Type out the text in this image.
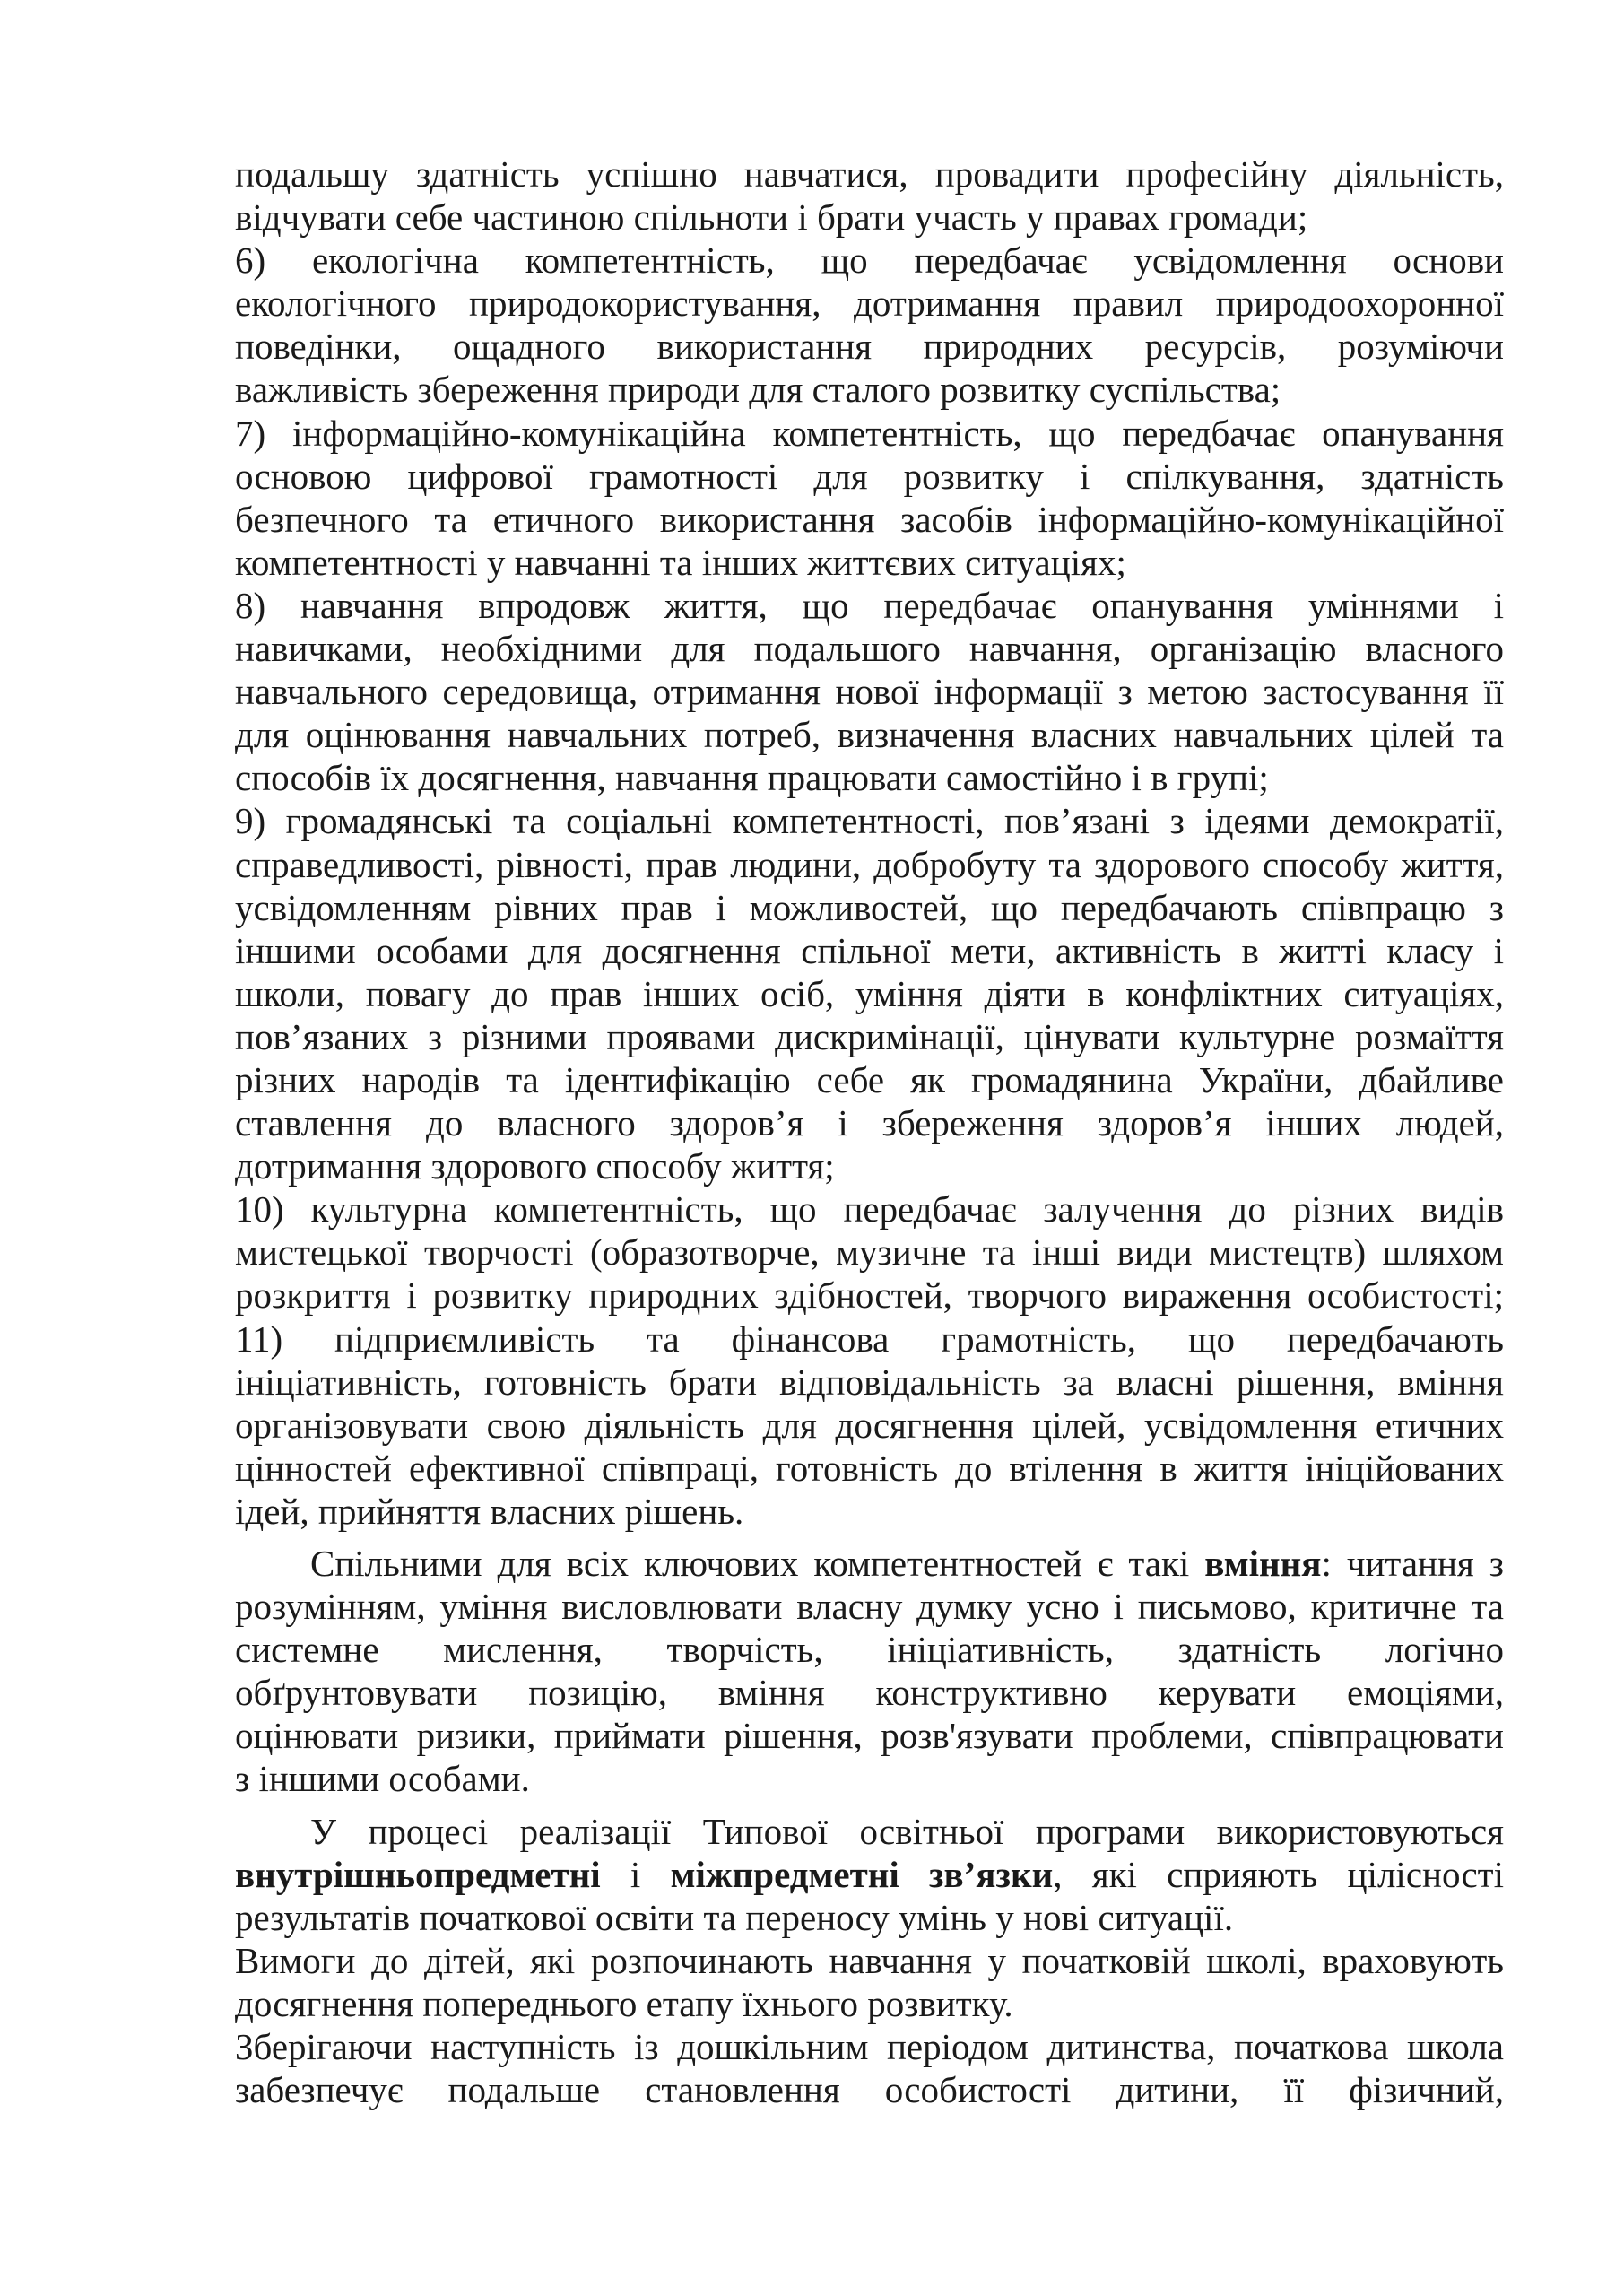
подальшу здатність успішно навчатися, провадити професійну діяльність,
відчувати себе частиною спільноти і брати участь у правах громади;
6) екологічна компетентність, що передбачає усвідомлення основи
екологічного природокористування, дотримання правил природоохоронної
поведінки, ощадного використання природних ресурсів, розуміючи
важливість збереження природи для сталого розвитку суспільства;
7) інформаційно-комунікаційна компетентність, що передбачає опанування
основою цифрової грамотності для розвитку і спілкування, здатність
безпечного та етичного використання засобів інформаційно-комунікаційної
компетентності у навчанні та інших життєвих ситуаціях;
8) навчання впродовж життя, що передбачає опанування уміннями і
навичками, необхідними для подальшого навчання, організацію власного
навчального середовища, отримання нової інформації з метою застосування її
для оцінювання навчальних потреб, визначення власних навчальних цілей та
способів їх досягнення, навчання працювати самостійно і в групі;
9) громадянські та соціальні компетентності, пов’язані з ідеями демократії,
справедливості, рівності, прав людини, добробуту та здорового способу життя,
усвідомленням рівних прав і можливостей, що передбачають співпрацю з
іншими особами для досягнення спільної мети, активність в житті класу і
школи, повагу до прав інших осіб, уміння діяти в конфліктних ситуаціях,
пов’язаних з різними проявами дискримінації, цінувати культурне розмаїття
різних народів та ідентифікацію себе як громадянина України, дбайливе
ставлення до власного здоров’я і збереження здоров’я інших людей,
дотримання здорового способу життя;
10) культурна компетентність, що передбачає залучення до різних видів
мистецької творчості (образотворче, музичне та інші види мистецтв) шляхом
розкриття і розвитку природних здібностей, творчого вираження особистості;
11) підприємливість та фінансова грамотність, що передбачають
ініціативність, готовність брати відповідальність за власні рішення, вміння
організовувати свою діяльність для досягнення цілей, усвідомлення етичних
цінностей ефективної співпраці, готовність до втілення в життя ініційованих
ідей, прийняття власних рішень.
Спільними для всіх ключових компетентностей є такі вміння: читання з
розумінням, уміння висловлювати власну думку усно і письмово, критичне та
системне мислення, творчість, ініціативність, здатність логічно
обґрунтовувати позицію, вміння конструктивно керувати емоціями,
оцінювати ризики, приймати рішення, розв'язувати проблеми, співпрацювати
з іншими особами.
У процесі реалізації Типової освітньої програми використовуються
внутрішньопредметні і міжпредметні зв’язки, які сприяють цілісності
результатів початкової освіти та переносу умінь у нові ситуації.
Вимоги до дітей, які розпочинають навчання у початковій школі, враховують
досягнення попереднього етапу їхнього розвитку.
Зберігаючи наступність із дошкільним періодом дитинства, початкова школа
забезпечує подальше становлення особистості дитини, її фізичний,
